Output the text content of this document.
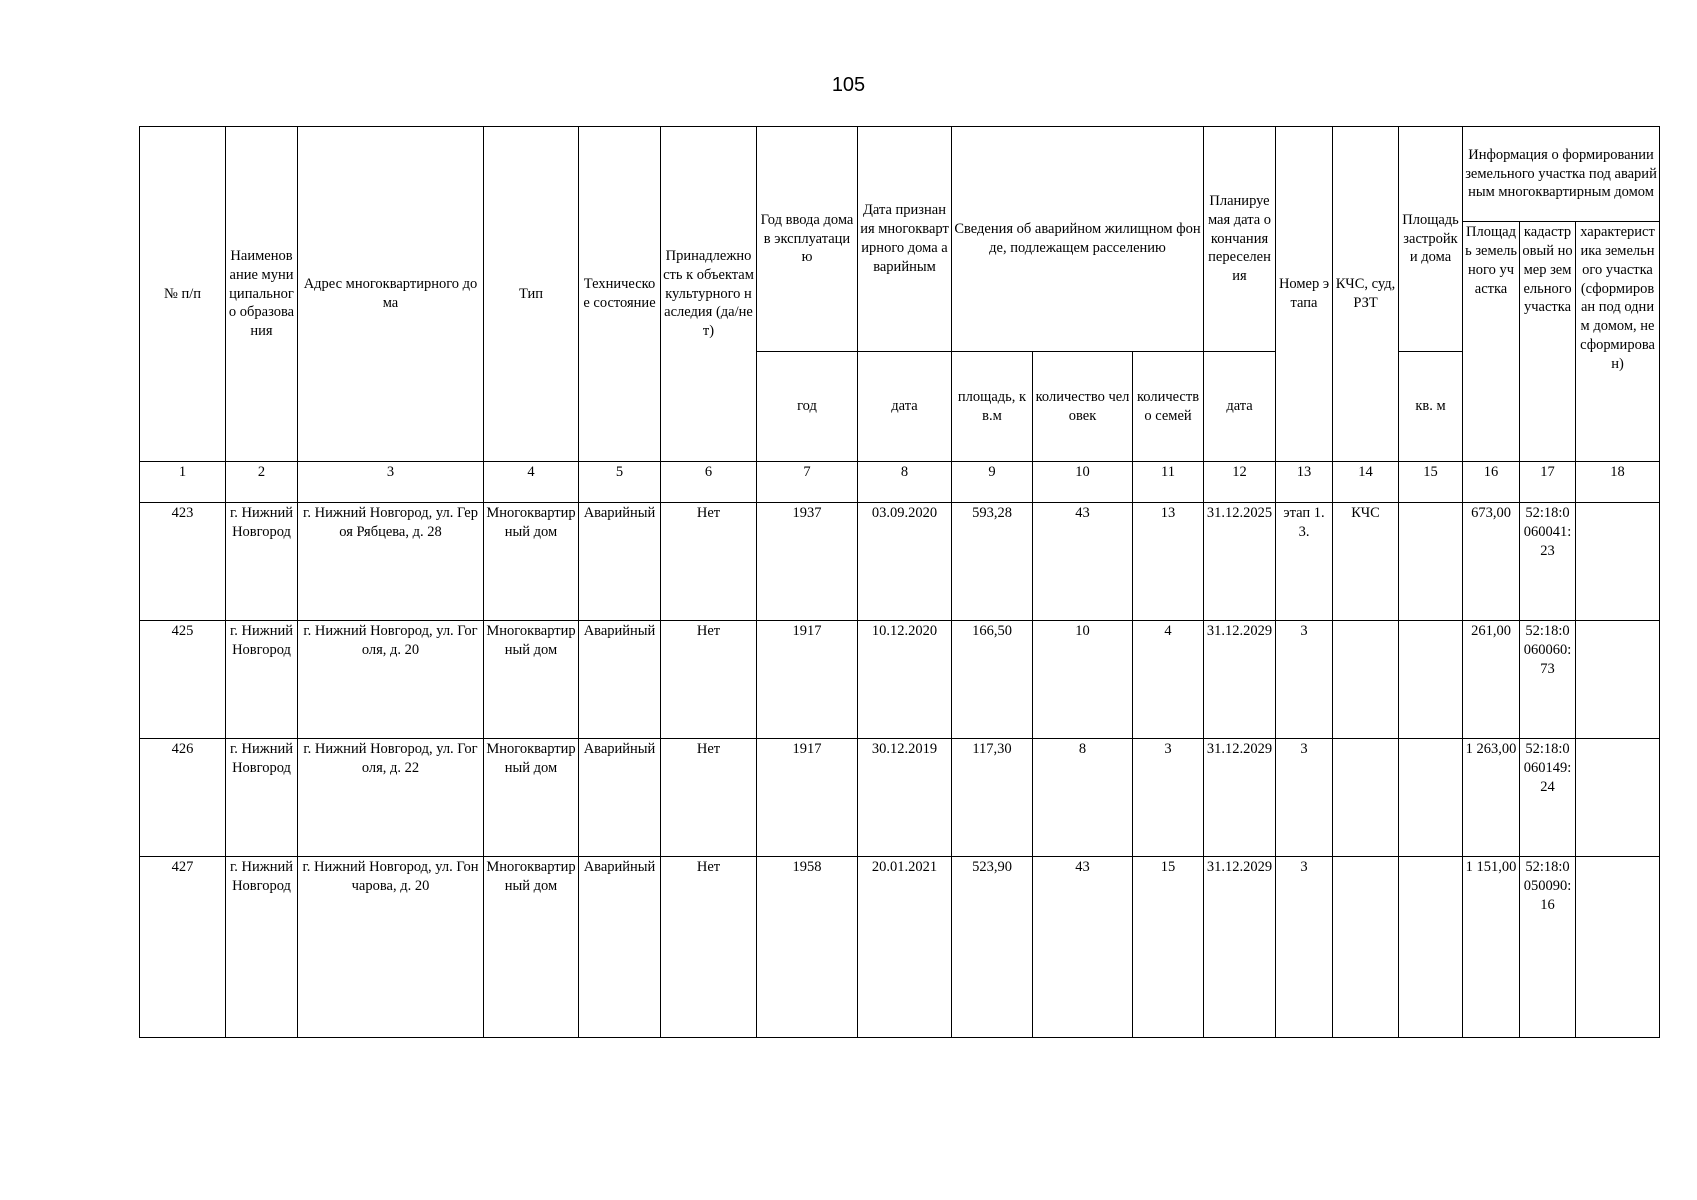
105
№ п/п	Наименование муниципального образования	Адрес многоквартирного дома	Тип	Техническое состояние	Принадлежность к объектам культурного наследия (да/нет)	Год ввода дома в эксплуатацию	Дата признания многоквартирного дома аварийным	Сведения об аварийном жилищном фонде, подлежащем расселению			Планируемая дата окончания переселения	Номер этапа	КЧС, суд, РЗТ	Площадь застройки дома	Информация о формировании земельного участка под аварийным многоквартирным домом		
															Площадь земельного участка	кадастровый номер земельного участка	характеристика земельного участка (сформирован под одним домом, не сформирован)
						год	дата	площадь, кв.м	количество человек	количество семей	дата			кв. м			
1	2	3	4	5	6	7	8	9	10	11	12	13	14	15	16	17	18
423	г. Нижний Новгород	г. Нижний Новгород, ул. Героя Рябцева, д. 28	Многоквартирный дом	Аварийный	Нет	1937	03.09.2020	593,28	43	13	31.12.2025	этап 1.3.	КЧС		673,00	52:18:0060041:23	
425	г. Нижний Новгород	г. Нижний Новгород, ул. Гоголя, д. 20	Многоквартирный дом	Аварийный	Нет	1917	10.12.2020	166,50	10	4	31.12.2029	3			261,00	52:18:0060060:73	
426	г. Нижний Новгород	г. Нижний Новгород, ул. Гоголя, д. 22	Многоквартирный дом	Аварийный	Нет	1917	30.12.2019	117,30	8	3	31.12.2029	3			1 263,00	52:18:0060149:24	
427	г. Нижний Новгород	г. Нижний Новгород, ул. Гончарова, д. 20	Многоквартирный дом	Аварийный	Нет	1958	20.01.2021	523,90	43	15	31.12.2029	3			1 151,00	52:18:0050090:16	
